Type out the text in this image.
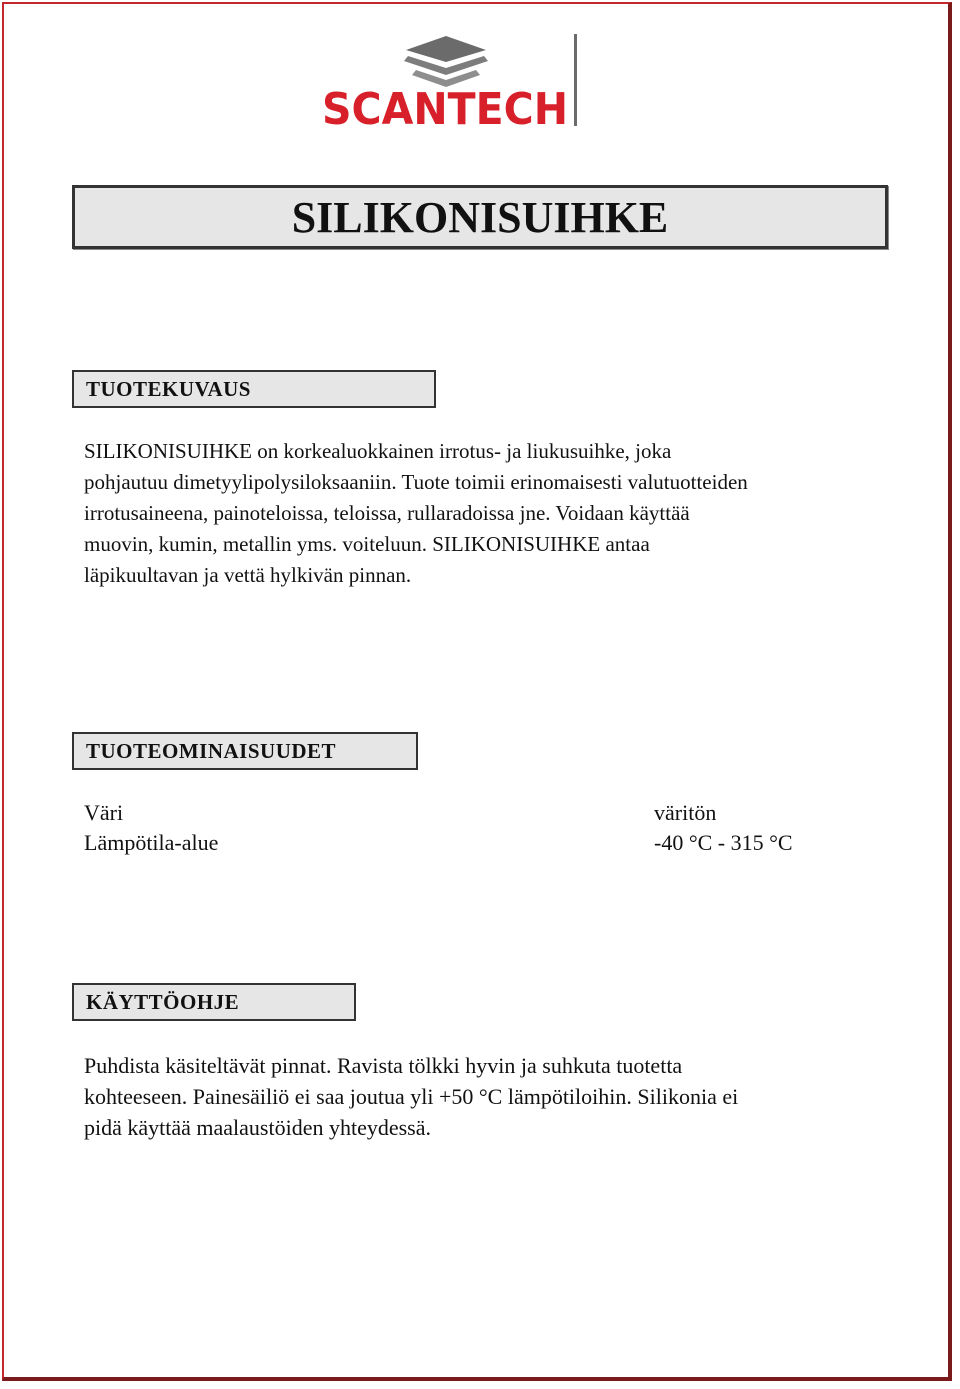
SCANTECH
SILIKONISUIHKE
TUOTEKUVAUS

SILIKONISUIHKE on korkealuokkainen irrotus- ja liukusuihke, joka

pohjautuu dimetyylipolysiloksaaniin. Tuote toimii erinomaisesti valutuotteiden

irrotusaineena, painoteloissa, teloissa, rullaradoissa jne. Voidaan käyttää

muovin, kumin, metallin yms. voiteluun. SILIKONISUIHKE antaa

läpikuultavan ja vettä hylkivän pinnan.

TUOTEOMINAISUUDET
Väri	väritön
Lämpötila-alue	-40 °C - 315 °C
KÄYTTÖOHJE

Puhdista käsiteltävät pinnat. Ravista tölkki hyvin ja suhkuta tuotetta

kohteeseen. Painesäiliö ei saa joutua yli +50 °C lämpötiloihin. Silikonia ei

pidä käyttää maalaustöiden yhteydessä.
